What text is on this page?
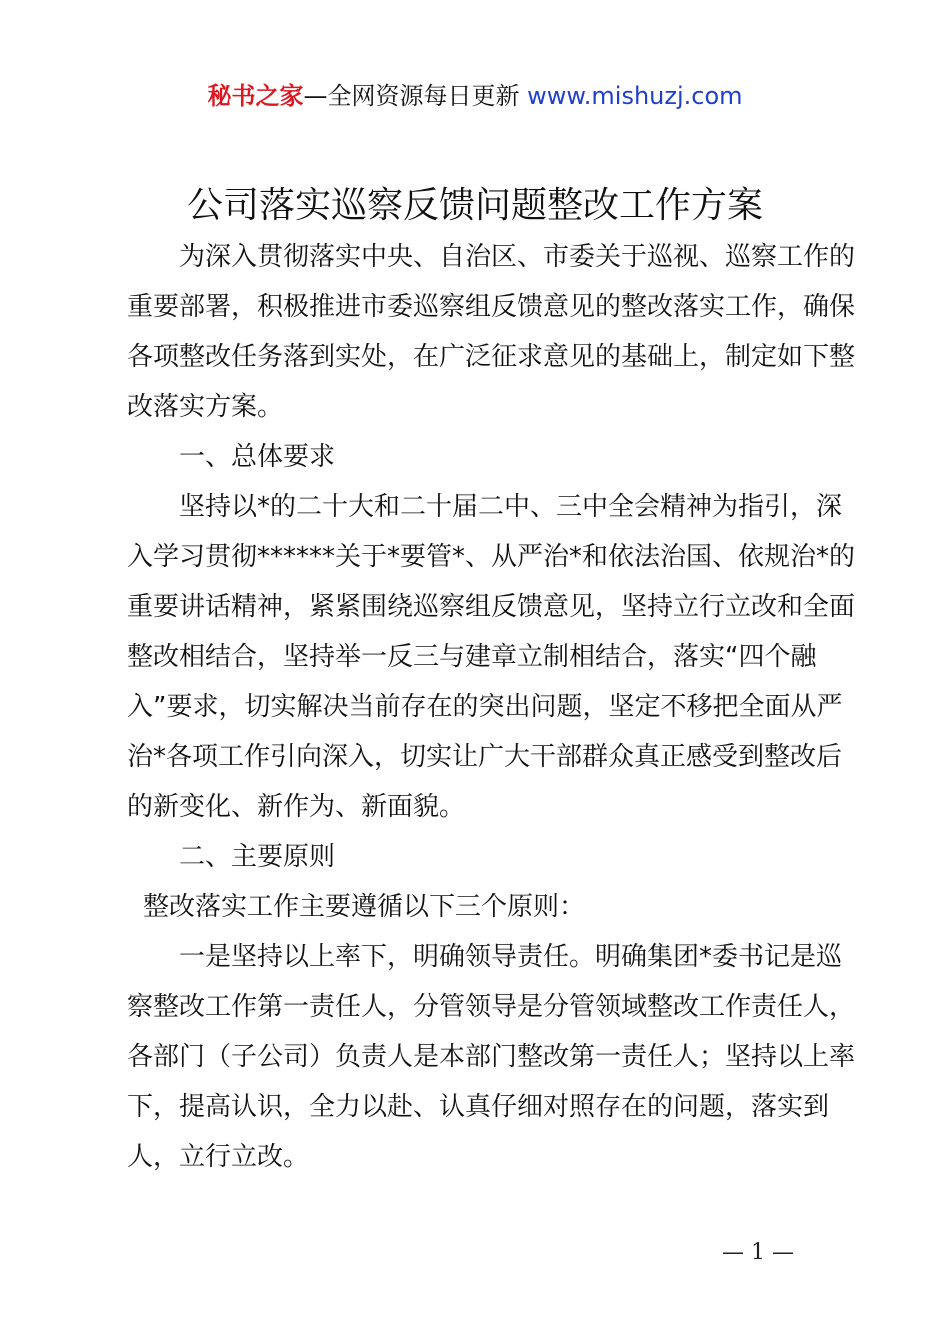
秘书之家—全网资源每日更新 www.mishuzj.com
公司落实巡察反馈问题整改工作方案

为深入贯彻落实中央、自治区、市委关于巡视、巡察工作的重要部署，积极推进市委巡察组反馈意见的整改落实工作，确保各项整改任务落到实处，在广泛征求意见的基础上，制定如下整改落实方案。

一、总体要求

坚持以*的二十大和二十届二中、三中全会精神为指引，深入学习贯彻******关于*要管*、从严治*和依法治国、依规治*的重要讲话精神，紧紧围绕巡察组反馈意见，坚持立行立改和全面整改相结合，坚持举一反三与建章立制相结合，落实“四个融入”要求，切实解决当前存在的突出问题，坚定不移把全面从严治*各项工作引向深入，切实让广大干部群众真正感受到整改后的新变化、新作为、新面貌。

二、主要原则

整改落实工作主要遵循以下三个原则：

一是坚持以上率下，明确领导责任。明确集团*委书记是巡察整改工作第一责任人，分管领导是分管领域整改工作责任人，各部门（子公司）负责人是本部门整改第一责任人；坚持以上率下，提高认识，全力以赴、认真仔细对照存在的问题，落实到人，立行立改。

— 1 —
